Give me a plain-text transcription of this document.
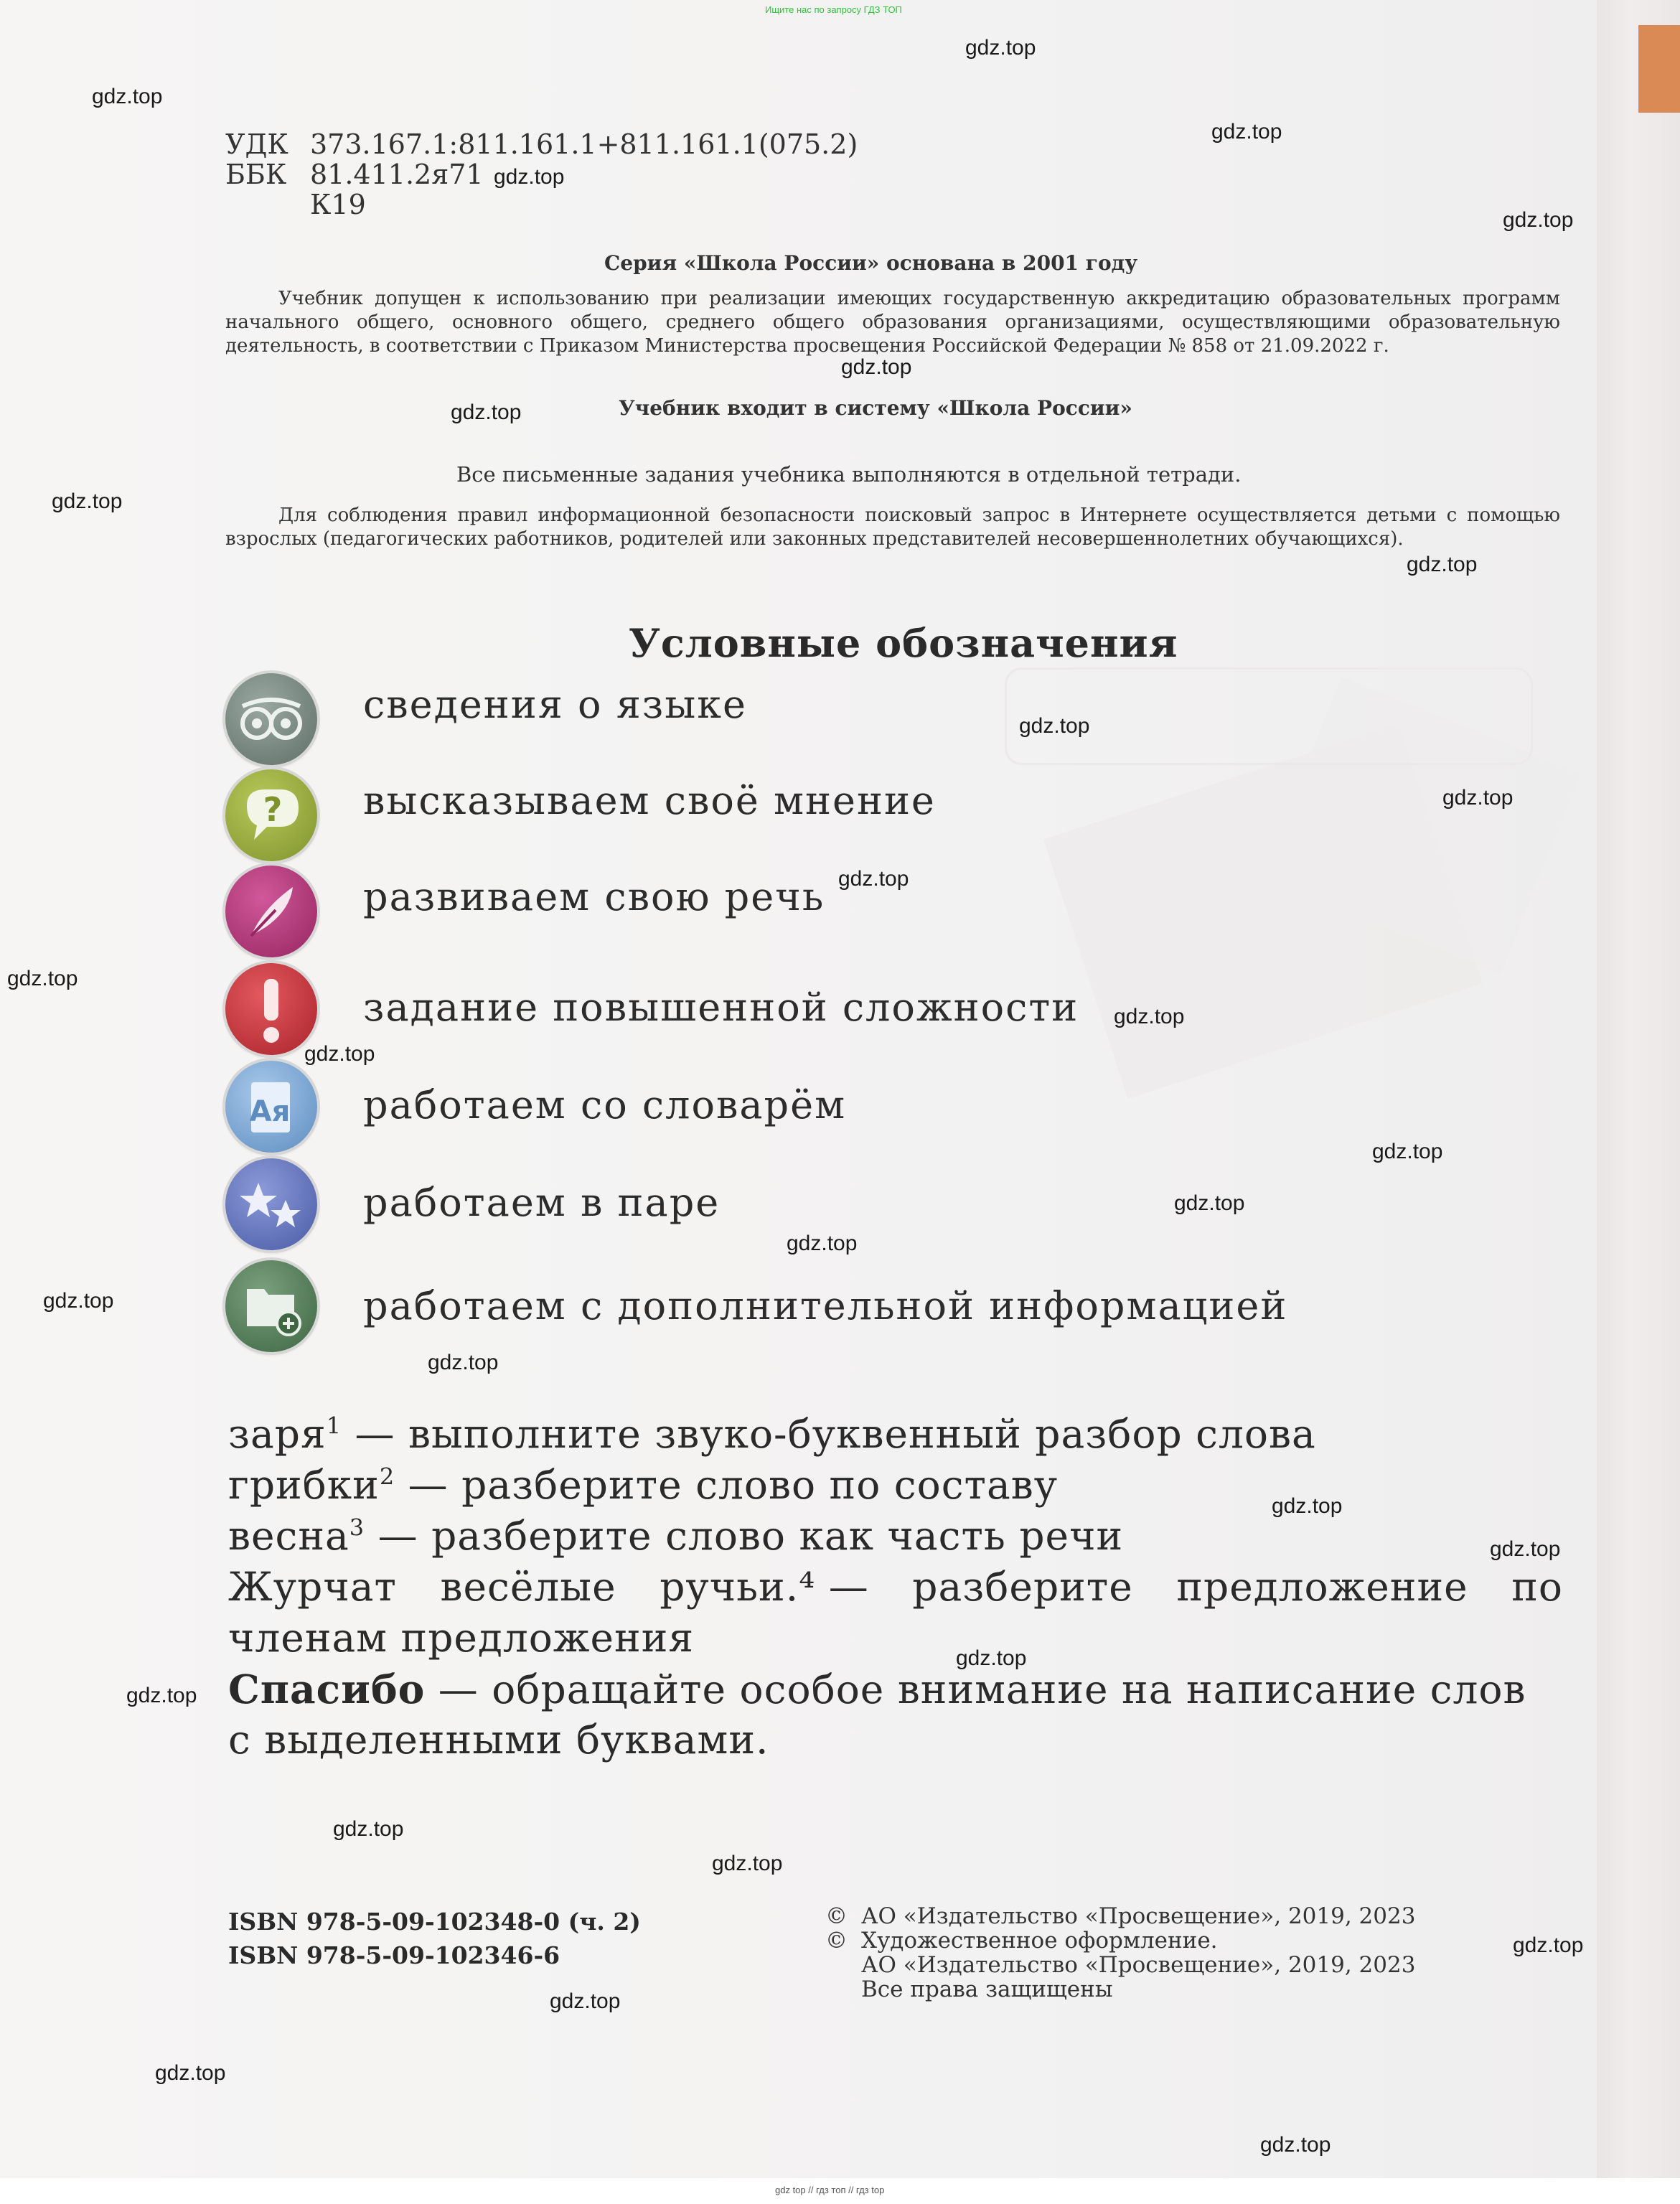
Ищите нас по запросу ГДЗ ТОП
gdz top // гдз топ // гдз top
УДК 373.167.1:811.161.1+811.161.1(075.2)
ББК 81.411.2я71
К19
Серия «Школа России» основана в 2001 году
Учебник допущен к использованию при реализации имеющих государственную аккредитацию образовательных программ начального общего, основного общего, среднего общего образования организациями, осуществляющими образовательную деятельность, в соответствии с Приказом Министерства просвещения Российской Федерации № 858 от 21.09.2022 г.
Учебник входит в систему «Школа России»
Все письменные задания учебника выполняются в отдельной тетради.
Для соблюдения правил информационной безопасности поисковый запрос в Интернете осуществляется детьми с помощью взрослых (педагогических работников, родителей или законных представителей несовершеннолетних обучающихся).
Условные обозначения
сведения о языке
? высказываем своё мнение
развиваем свою речь
задание повышенной сложности
Aя работаем со словарём
работаем в паре
работаем с дополнительной информацией
заря$^1$ — выполните звуко-буквенный разбор слова
грибки$^2$ — разберите слово по составу
весна$^3$ — разберите слово как часть речи
Журчат весёлые ручьи.⁴ — разберите предложение по
членам предложения
Спасибо — обращайте особое внимание на написание слов
с выделенными буквами.
ISBN 978-5-09-102348-0 (ч. 2)
ISBN 978-5-09-102346-6
© АО «Издательство «Просвещение», 2019, 2023
© Художественное оформление.
АО «Издательство «Просвещение», 2019, 2023
Все права защищены
gdz.top
gdz.top
gdz.top
gdz.top
gdz.top
gdz.top
gdz.top
gdz.top
gdz.top
gdz.top
gdz.top
gdz.top
gdz.top
gdz.top
gdz.top
gdz.top
gdz.top
gdz.top
gdz.top
gdz.top
gdz.top
gdz.top
gdz.top
gdz.top
gdz.top
gdz.top
gdz.top
gdz.top
gdz.top
gdz.top
